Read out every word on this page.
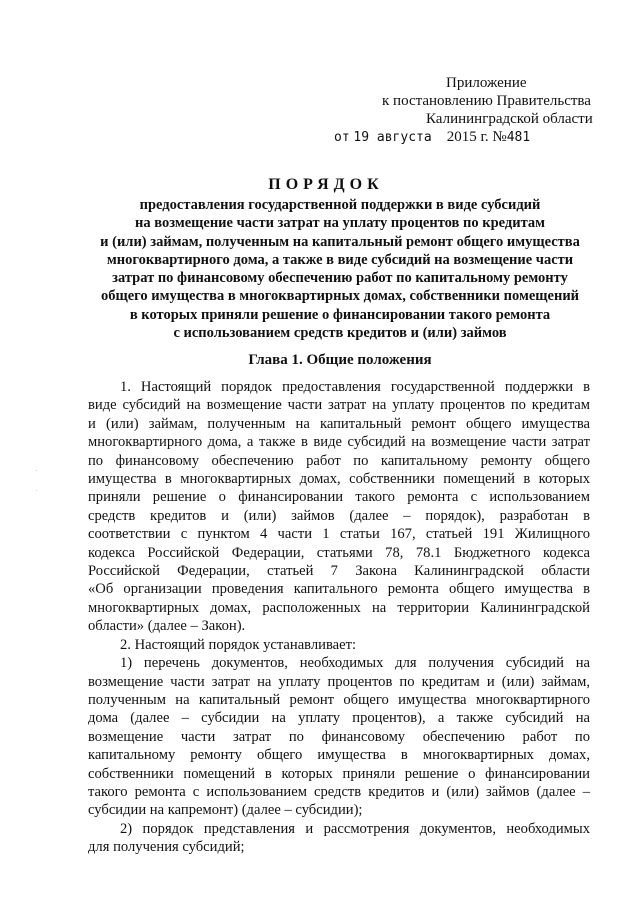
Приложение
к постановлению Правительства
Калининградской области
от 19 августа 2015 г. №481
ПОРЯДОК
предоставления государственной поддержки в виде субсидий
на возмещение части затрат на уплату процентов по кредитам
и (или) займам, полученным на капитальный ремонт общего имущества
многоквартирного дома, а также в виде субсидий на возмещение части
затрат по финансовому обеспечению работ по капитальному ремонту
общего имущества в многоквартирных домах, собственники помещений
в которых приняли решение о финансировании такого ремонта
с использованием средств кредитов и (или) займов
Глава 1. Общие положения
1. Настоящий порядок предоставления государственной поддержки в
виде субсидий на возмещение части затрат на уплату процентов по кредитам
и (или) займам, полученным на капитальный ремонт общего имущества
многоквартирного дома, а также в виде субсидий на возмещение части затрат
по финансовому обеспечению работ по капитальному ремонту общего
имущества в многоквартирных домах, собственники помещений в которых
приняли решение о финансировании такого ремонта с использованием
средств кредитов и (или) займов (далее – порядок), разработан в
соответствии с пунктом 4 части 1 статьи 167, статьей 191 Жилищного
кодекса Российской Федерации, статьями 78, 78.1 Бюджетного кодекса
Российской Федерации, статьей 7 Закона Калининградской области
«Об организации проведения капитального ремонта общего имущества в
многоквартирных домах, расположенных на территории Калининградской
области» (далее – Закон).
2. Настоящий порядок устанавливает:
1) перечень документов, необходимых для получения субсидий на
возмещение части затрат на уплату процентов по кредитам и (или) займам,
полученным на капитальный ремонт общего имущества многоквартирного
дома (далее – субсидии на уплату процентов), а также субсидий на
возмещение части затрат по финансовому обеспечению работ по
капитальному ремонту общего имущества в многоквартирных домах,
собственники помещений в которых приняли решение о финансировании
такого ремонта с использованием средств кредитов и (или) займов (далее –
субсидии на капремонт) (далее – субсидии);
2) порядок представления и рассмотрения документов, необходимых
для получения субсидий;
